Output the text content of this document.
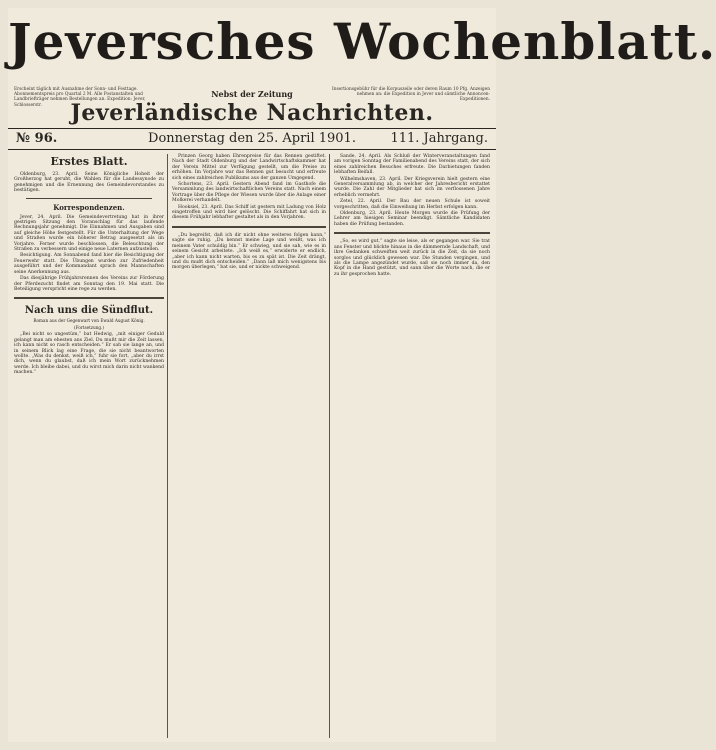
Jeversches Wochenblatt.
Erscheint täglich mit Ausnahme der Sonn- und Festtage. Abonnementspreis pro Quartal 2 M. Alle Postanstalten und Landbriefträger nehmen Bestellungen an. Expedition: Jever, Schlosserstr.
Nebst der Zeitung	Insertionsgebühr für die Korpuszeile oder deren Raum 10 Pfg. Anzeigen nehmen an: die Expedition in Jever und sämtliche Annoncen-Expeditionen.
Jeverländische Nachrichten.
№ 96.	Donnerstag den 25. April 1901.	111. Jahrgang.
Erstes Blatt.

Oldenburg, 23. April. Seine Königliche Hoheit der Großherzog hat geruht, die Wahlen für die Landessynode zu genehmigen und die Ernennung des Gemeindevorstandes zu bestätigen.

Korrespondenzen.

Jever, 24. April. Die Gemeindevertretung hat in ihrer gestrigen Sitzung den Voranschlag für das laufende Rechnungsjahr genehmigt. Die Einnahmen und Ausgaben sind auf gleiche Höhe festgestellt. Für die Unterhaltung der Wege und Straßen wurde ein höherer Betrag ausgesetzt als im Vorjahre. Ferner wurde beschlossen, die Beleuchtung der Straßen zu verbessern und einige neue Laternen aufzustellen.

Besichtigung. Am Sonnabend fand hier die Besichtigung der Feuerwehr statt. Die Übungen wurden zur Zufriedenheit ausgeführt und der Kommandant sprach den Mannschaften seine Anerkennung aus.

Das diesjährige Frühjahrsrennen des Vereins zur Förderung der Pferdezucht findet am Sonntag den 19. Mai statt. Die Beteiligung verspricht eine rege zu werden.

Nach uns die Sündflut.
Roman aus der Gegenwart von Ewald August König.
(Fortsetzung.)

„Bei nicht so ungestüm,“ bat Hedwig, „mit einiger Geduld gelangt man am ehesten ans Ziel. Du mußt mir die Zeit lassen, ich kann nicht so rasch entscheiden.“ Er sah sie lange an, und in seinem Blick lag eine Frage, die sie nicht beantworten wollte. „Was du denkst, weiß ich,“ fuhr sie fort, „aber du irrst dich, wenn du glaubst, daß ich mein Wort zurücknehmen werde. Ich bleibe dabei, und du wirst mich darin nicht wankend machen.“

Prinzen Georg haben Ehrenpreise für das Rennen gestiftet. Nach der Stadt Oldenburg und der Landwirtschaftskammer hat der Verein Mittel zur Verfügung gestellt, um die Preise zu erhöhen. Im Vorjahre war das Rennen gut besucht und erfreute sich eines zahlreichen Publikums aus der ganzen Umgegend.

Schortens, 23. April. Gestern Abend fand im Gasthofe die Versammlung des landwirtschaftlichen Vereins statt. Nach einem Vortrage über die Pflege der Wiesen wurde über die Anlage einer Molkerei verhandelt.

Hooksiel, 23. April. Das Schiff ist gestern mit Ladung von Holz eingetroffen und wird hier gelöscht. Die Schiffahrt hat sich in diesem Frühjahr lebhafter gestaltet als in den Vorjahren.

„Du begreifst, daß ich dir nicht ohne weiteres folgen kann,“ sagte sie ruhig. „Du kennst meine Lage und weißt, was ich meinem Vater schuldig bin.“ Er schwieg, und sie sah, wie es in seinem Gesicht arbeitete. „Ich weiß es,“ erwiderte er endlich, „aber ich kann nicht warten, bis es zu spät ist. Die Zeit drängt, und du mußt dich entscheiden.“ „Dann laß mich wenigstens bis morgen überlegen,“ bat sie, und er nickte schweigend.

Sande, 24. April. Als Schluß der Winterveranstaltungen fand am vorigen Sonntag der Familienabend des Vereins statt, der sich eines zahlreichen Besuches erfreute. Die Darbietungen fanden lebhaften Beifall.

Wilhelmshaven, 23. April. Der Kriegsverein hielt gestern eine Generalversammlung ab, in welcher der Jahresbericht erstattet wurde. Die Zahl der Mitglieder hat sich im verflossenen Jahre erheblich vermehrt.

Zetel, 22. April. Der Bau der neuen Schule ist soweit vorgeschritten, daß die Einweihung im Herbst erfolgen kann.

Oldenburg, 23. April. Heute Morgen wurde die Prüfung der Lehrer am hiesigen Seminar beendigt. Sämtliche Kandidaten haben die Prüfung bestanden.

„So, es wird gut,“ sagte sie leise, als er gegangen war. Sie trat ans Fenster und blickte hinaus in die dämmernde Landschaft, und ihre Gedanken schweiften weit zurück in die Zeit, da sie noch sorglos und glücklich gewesen war. Die Stunden vergingen, und als die Lampe angezündet wurde, saß sie noch immer da, den Kopf in die Hand gestützt, und sann über die Worte nach, die er zu ihr gesprochen hatte.
